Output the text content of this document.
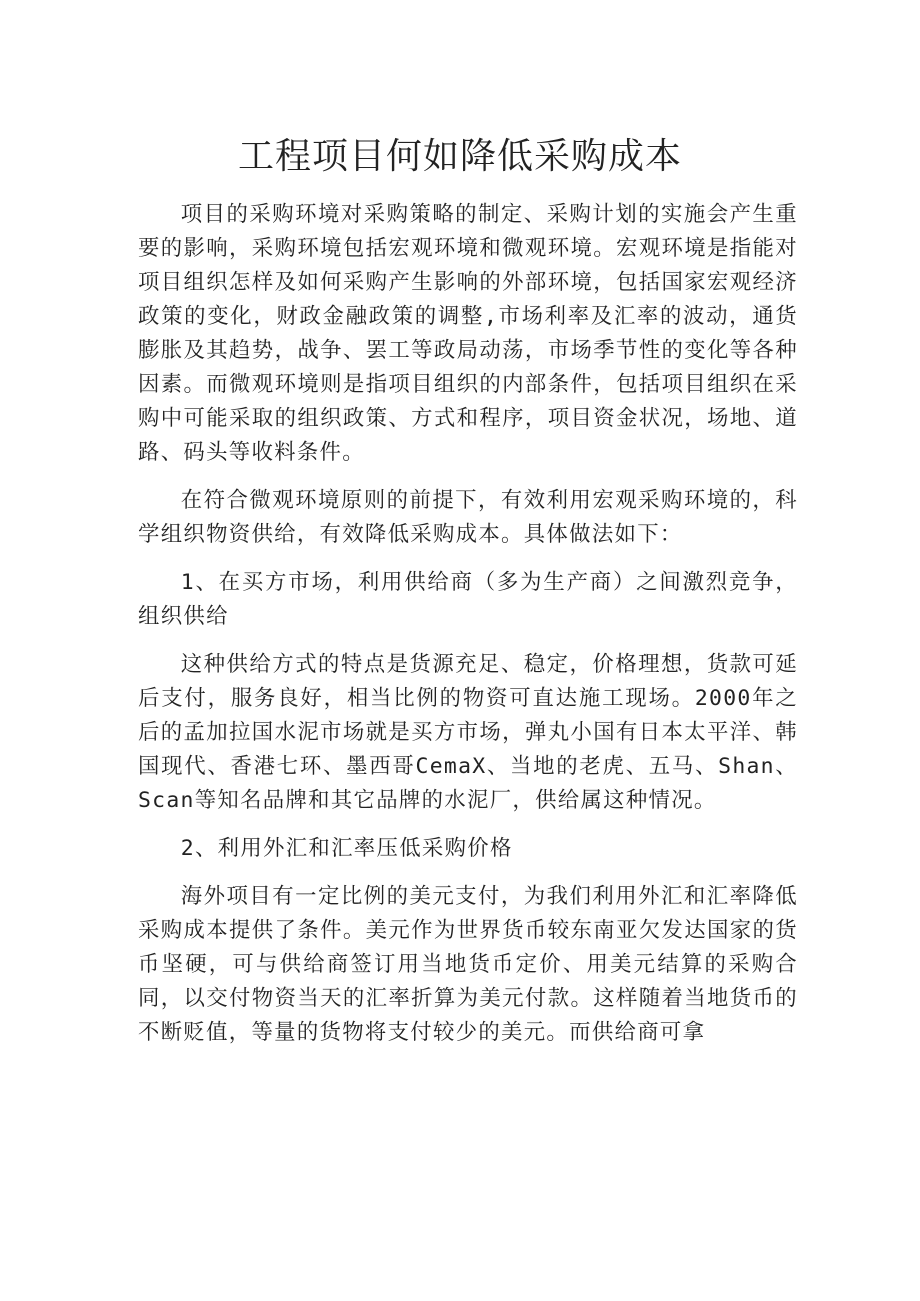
工程项目何如降低采购成本

项目的采购环境对采购策略的制定、采购计划的实施会产生重要的影响，采购环境包括宏观环境和微观环境。宏观环境是指能对项目组织怎样及如何采购产生影响的外部环境，包括国家宏观经济政策的变化，财政金融政策的调整,市场利率及汇率的波动，通货膨胀及其趋势，战争、罢工等政局动荡，市场季节性的变化等各种因素。而微观环境则是指项目组织的内部条件，包括项目组织在采购中可能采取的组织政策、方式和程序，项目资金状况，场地、道路、码头等收料条件。

在符合微观环境原则的前提下，有效利用宏观采购环境的，科学组织物资供给，有效降低采购成本。具体做法如下：

1、在买方市场，利用供给商（多为生产商）之间激烈竞争，组织供给

这种供给方式的特点是货源充足、稳定，价格理想，货款可延后支付，服务良好，相当比例的物资可直达施工现场。2000年之后的孟加拉国水泥市场就是买方市场，弹丸小国有日本太平洋、韩国现代、香港七环、墨西哥CemaX、当地的老虎、五马、Shan、Scan等知名品牌和其它品牌的水泥厂，供给属这种情况。

2、利用外汇和汇率压低采购价格

海外项目有一定比例的美元支付，为我们利用外汇和汇率降低采购成本提供了条件。美元作为世界货币较东南亚欠发达国家的货币坚硬，可与供给商签订用当地货币定价、用美元结算的采购合同，以交付物资当天的汇率折算为美元付款。这样随着当地货币的不断贬值，等量的货物将支付较少的美元。而供给商可拿
